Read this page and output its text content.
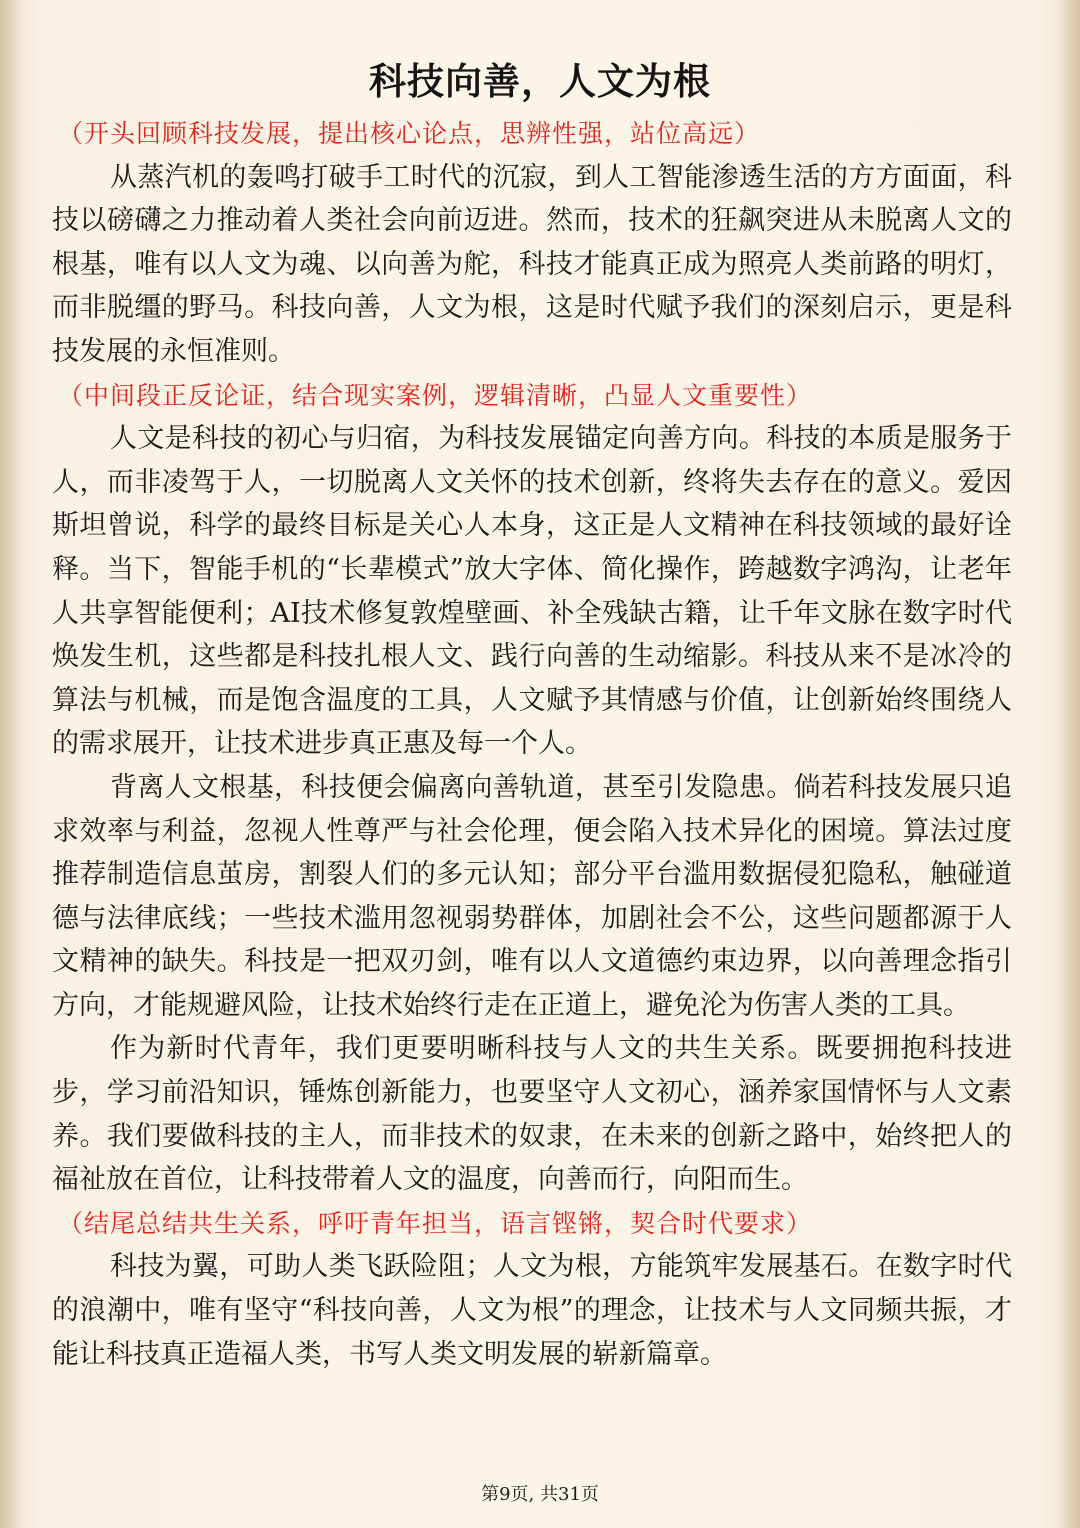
科技向善，人文为根

（开头回顾科技发展，提出核心论点，思辨性强，站位高远）

从蒸汽机的轰鸣打破手工时代的沉寂，到人工智能渗透生活的方方面面，科技以磅礴之力推动着人类社会向前迈进。然而，技术的狂飙突进从未脱离人文的根基，唯有以人文为魂、以向善为舵，科技才能真正成为照亮人类前路的明灯，而非脱缰的野马。科技向善，人文为根，这是时代赋予我们的深刻启示，更是科技发展的永恒准则。

（中间段正反论证，结合现实案例，逻辑清晰，凸显人文重要性）

人文是科技的初心与归宿，为科技发展锚定向善方向。科技的本质是服务于人，而非凌驾于人，一切脱离人文关怀的技术创新，终将失去存在的意义。爱因斯坦曾说，科学的最终目标是关心人本身，这正是人文精神在科技领域的最好诠释。当下，智能手机的“长辈模式”放大字体、简化操作，跨越数字鸿沟，让老年人共享智能便利；AI技术修复敦煌壁画、补全残缺古籍，让千年文脉在数字时代焕发生机，这些都是科技扎根人文、践行向善的生动缩影。科技从来不是冰冷的算法与机械，而是饱含温度的工具，人文赋予其情感与价值，让创新始终围绕人的需求展开，让技术进步真正惠及每一个人。

背离人文根基，科技便会偏离向善轨道，甚至引发隐患。倘若科技发展只追求效率与利益，忽视人性尊严与社会伦理，便会陷入技术异化的困境。算法过度推荐制造信息茧房，割裂人们的多元认知；部分平台滥用数据侵犯隐私，触碰道德与法律底线；一些技术滥用忽视弱势群体，加剧社会不公，这些问题都源于人文精神的缺失。科技是一把双刃剑，唯有以人文道德约束边界，以向善理念指引方向，才能规避风险，让技术始终行走在正道上，避免沦为伤害人类的工具。

作为新时代青年，我们更要明晰科技与人文的共生关系。既要拥抱科技进步，学习前沿知识，锤炼创新能力，也要坚守人文初心，涵养家国情怀与人文素养。我们要做科技的主人，而非技术的奴隶，在未来的创新之路中，始终把人的福祉放在首位，让科技带着人文的温度，向善而行，向阳而生。

（结尾总结共生关系，呼吁青年担当，语言铿锵，契合时代要求）

科技为翼，可助人类飞跃险阻；人文为根，方能筑牢发展基石。在数字时代的浪潮中，唯有坚守“科技向善，人文为根”的理念，让技术与人文同频共振，才能让科技真正造福人类，书写人类文明发展的崭新篇章。

第9页, 共31页
